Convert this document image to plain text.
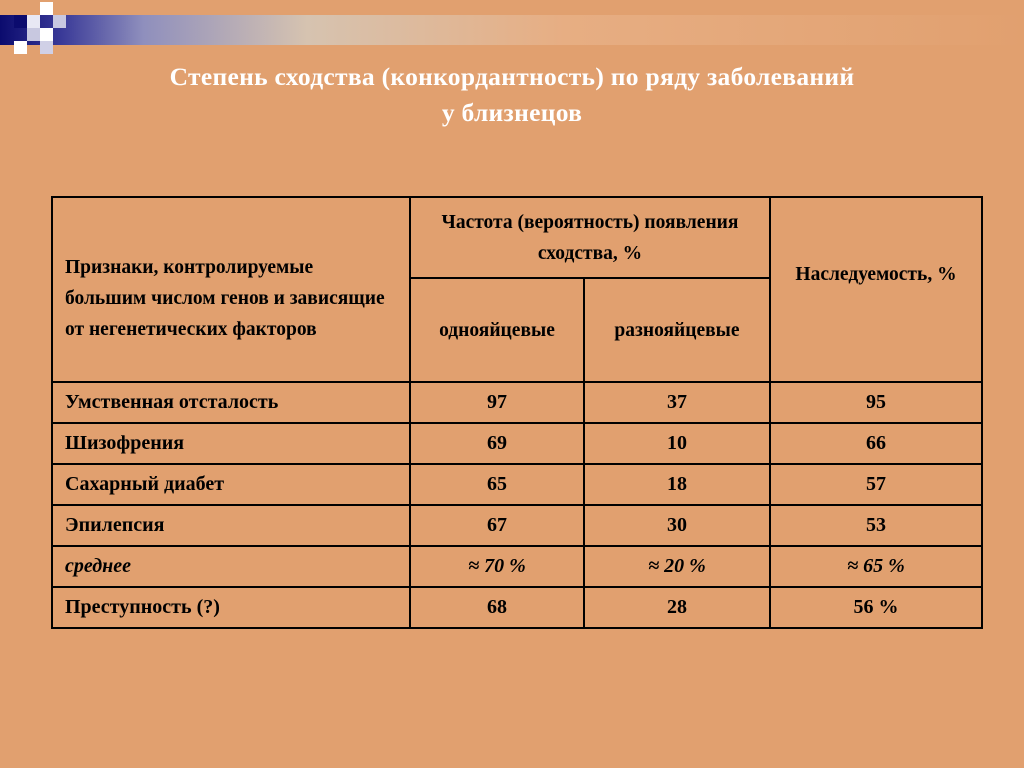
Степень сходства (конкордантность) по ряду заболеваний
у близнецов
Признаки, контролируемые большим числом генов и зависящие от негенетических факторов	Частота (вероятность) появления сходства, %		Наследуемость, %
	однояйцевые	разнояйцевые	
Умственная отсталость	97	37	95
Шизофрения	69	10	66
Сахарный диабет	65	18	57
Эпилепсия	67	30	53
среднее	≈ 70 %	≈ 20 %	≈ 65 %
Преступность (?)	68	28	56 %
